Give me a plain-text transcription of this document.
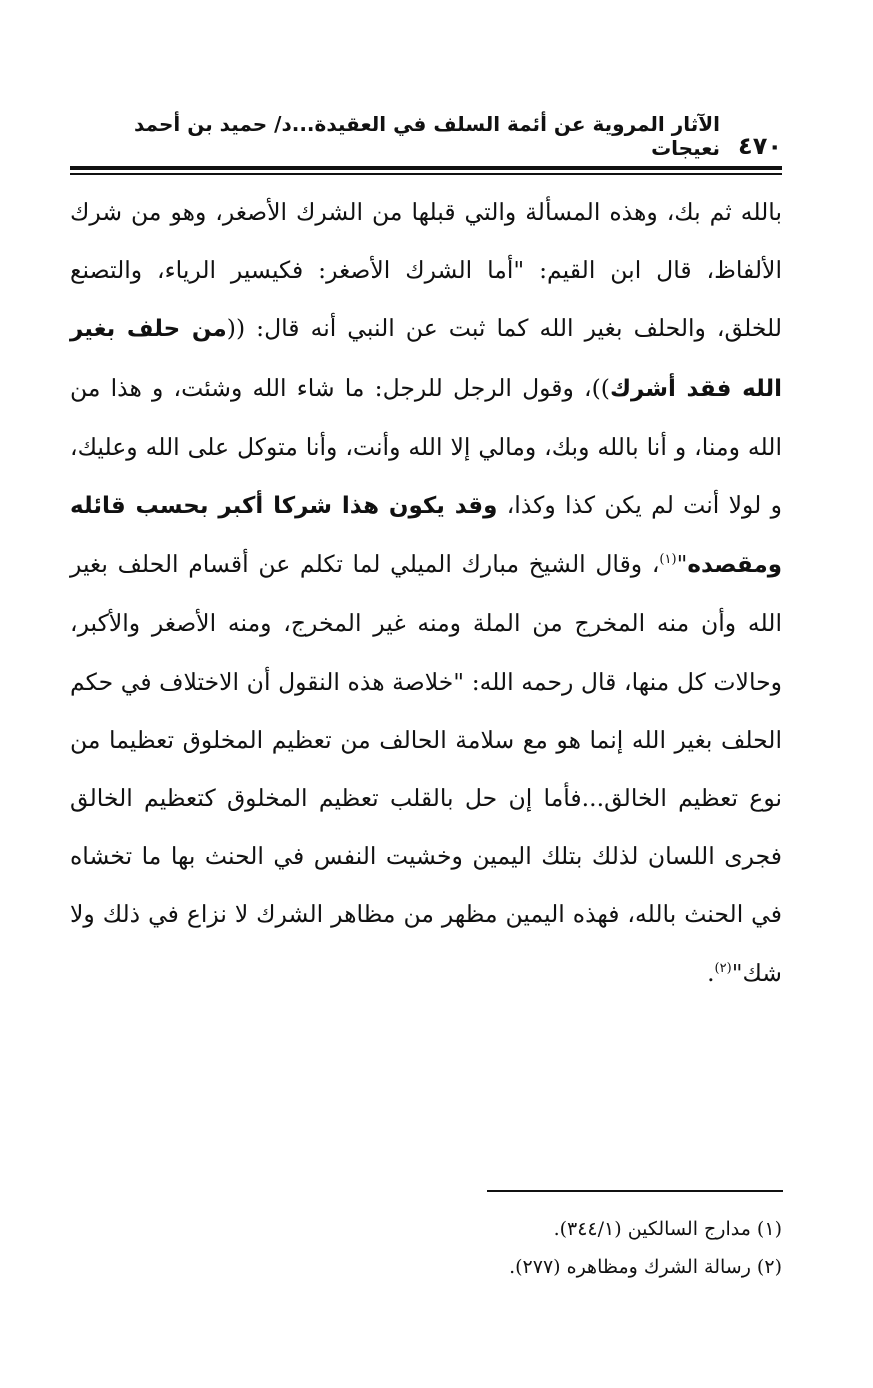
٤٧٠
الآثار المروية عن أئمة السلف في العقيدة...د/ حميد بن أحمد نعيجات
بالله ثم بك، وهذه المسألة والتي قبلها من الشرك الأصغر، وهو من شرك الألفاظ، قال ابن القيم: "أما الشرك الأصغر: فكيسير الرياء، والتصنع للخلق، والحلف بغير الله كما ثبت عن النبي أنه قال: ((من حلف بغير الله فقد أشرك))، وقول الرجل للرجل: ما شاء الله وشئت، و هذا من الله ومنا، و أنا بالله وبك، ومالي إلا الله وأنت، وأنا متوكل على الله وعليك، و لولا أنت لم يكن كذا وكذا، وقد يكون هذا شركا أكبر بحسب قائله ومقصده"$^{(١)}$، وقال الشيخ مبارك الميلي لما تكلم عن أقسام الحلف بغير الله وأن منه المخرج من الملة ومنه غير المخرج، ومنه الأصغر والأكبر، وحالات كل منها، قال رحمه الله: "خلاصة هذه النقول أن الاختلاف في حكم الحلف بغير الله إنما هو مع سلامة الحالف من تعظيم المخلوق تعظيما من نوع تعظيم الخالق...فأما إن حل بالقلب تعظيم المخلوق كتعظيم الخالق فجرى اللسان لذلك بتلك اليمين وخشيت النفس في الحنث بها ما تخشاه في الحنث بالله، فهذه اليمين مظهر من مظاهر الشرك لا نزاع في ذلك ولا شك"$^{(٢)}$.
(١) مدارج السالكين (٣٤٤/١).
(٢) رسالة الشرك ومظاهره (٢٧٧).
